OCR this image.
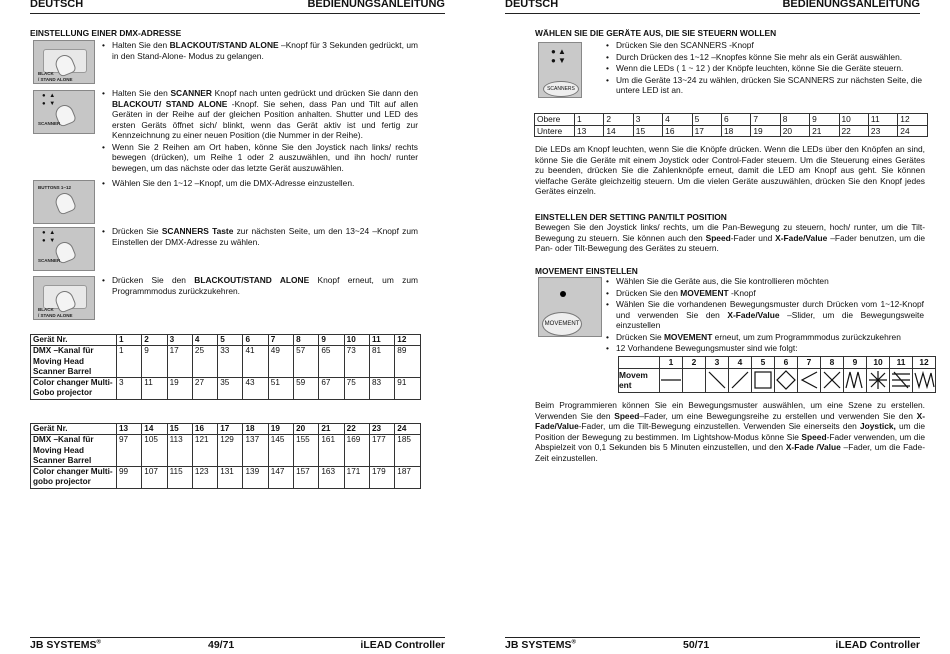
DEUTSCH	BEDIENUNGSANLEITUNG
EINSTELLUNG EINER DMX-ADRESSE
BLACK
/ STAND ALONE
• Halten Sie den BLACKOUT/STAND ALONE –Knopf für 3 Sekunden gedrückt, um in den Stand-Alone- Modus zu gelangen.
● ▲
● ▼
SCANNER
• Halten Sie den SCANNER Knopf nach unten gedrückt und drücken Sie dann den BLACKOUT/ STAND ALONE -Knopf. Sie sehen, dass Pan und Tilt auf allen Geräten in der Reihe auf der gleichen Position anhalten. Shutter und LED des ersten Geräts öffnet sich/ blinkt, wenn das Gerät aktiv ist und fertig zur Kennzeichnung zu einer neuen Position (die Nummer in der Reihe).
• Wenn Sie 2 Reihen am Ort haben, könne Sie den Joystick nach links/ rechts bewegen (drücken), um Reihe 1 oder 2 auszuwählen, und ihn hoch/ runter bewegen, um das nächste oder das letzte Gerät auszuwählen.
BUTTONS 1~12	• Wählen Sie den 1~12 –Knopf, um die DMX-Adresse einzustellen.
● ▲
● ▼
SCANNER
• Drücken Sie SCANNERS Taste zur nächsten Seite, um den 13~24 –Knopf zum Einstellen der DMX-Adresse zu wählen.
BLACK
/ STAND ALONE
• Drücken Sie den BLACKOUT/STAND ALONE Knopf erneut, um zum Programmmodus zurückzukehren.
Gerät Nr.	1	2	3	4	5	6	7	8	9	10	11	12
DMX –Kanal für Moving Head Scanner Barrel	1	9	17	25	33	41	49	57	65	73	81	89
Color changer Multi-Gobo projector	3	11	19	27	35	43	51	59	67	75	83	91
Gerät Nr.	13	14	15	16	17	18	19	20	21	22	23	24
DMX –Kanal für Moving Head Scanner Barrel	97	105	113	121	129	137	145	155	161	169	177	185
Color changer Multi-gobo projector	99	107	115	123	131	139	147	157	163	171	179	187
JB SYSTEMS®	49/71	iLEAD Controller
DEUTSCH	BEDIENUNGSANLEITUNG
WÄHLEN SIE DIE GERÄTE AUS, DIE SIE STEUERN WOLLEN
● ▲
● ▼
SCANNERS
• Drücken Sie den SCANNERS -Knopf
• Durch Drücken des 1~12 –Knopfes könne Sie mehr als ein Gerät auswählen.
• Wenn die LEDs ( 1 ~ 12 ) der Knöpfe leuchten, könne Sie die Geräte steuern.
• Um die Geräte 13~24 zu wählen, drücken Sie SCANNERS zur nächsten Seite, die untere LED ist an.
Obere	1	2	3	4	5	6	7	8	9	10	11	12
Untere	13	14	15	16	17	18	19	20	21	22	23	24

Die LEDs am Knopf leuchten, wenn Sie die Knöpfe drücken. Wenn die LEDs über den Knöpfen an sind, könne Sie die Geräte mit einem Joystick oder Control-Fader steuern. Um die Steuerung eines Gerätes zu beenden, drücken Sie die Zahlenknöpfe erneut, damit die LED am Knopf aus geht. Sie können vielfache Geräte gleichzeitig steuern. Um die vielen Geräte auszuwählen, drücken Sie den Knopf jedes Gerätes einzeln.

EINSTELLEN DER SETTING PAN/TILT POSITION

Bewegen Sie den Joystick links/ rechts, um die Pan-Bewegung zu steuern, hoch/ runter, um die Tilt-Bewegung zu steuern. Sie können auch den Speed-Fader und X-Fade/Value –Fader benutzen, um die Pan- oder Tilt-Bewegung des Gerätes zu steuern.

MOVEMENT EINSTELLEN
MOVEMENT
• Wählen Sie die Geräte aus, die Sie kontrollieren möchten
• Drücken Sie den MOVEMENT -Knopf
• Wählen Sie die vorhandenen Bewegungsmuster durch Drücken vom 1~12-Knopf und verwenden Sie den X-Fade/Value –Slider, um die Bewegungsweite einzustellen
• Drücken Sie MOVEMENT erneut, um zum Programmmodus zurückzukehren
• 12 Vorhandene Bewegungsmuster sind wie folgt:
	1	2	3	4	5	6	7	8	9	10	11	12
Movem ent	

Beim Programmieren können Sie ein Bewegungsmuster auswählen, um eine Szene zu erstellen. Verwenden Sie den Speed–Fader, um eine Bewegungsreihe zu erstellen und verwenden Sie den X-Fade/Value-Fader, um die Tilt-Bewegung einzustellen. Verwenden Sie einerseits den Joystick, um die Position der Bewegung zu bestimmen. Im Lightshow-Modus könne Sie Speed-Fader verwenden, um die Abspielzeit von 0,1 Sekunden bis 5 Minuten einzustellen, und den X-Fade /Value –Fader, um die Fade-Zeit einzustellen.

JB SYSTEMS®	50/71	iLEAD Controller
